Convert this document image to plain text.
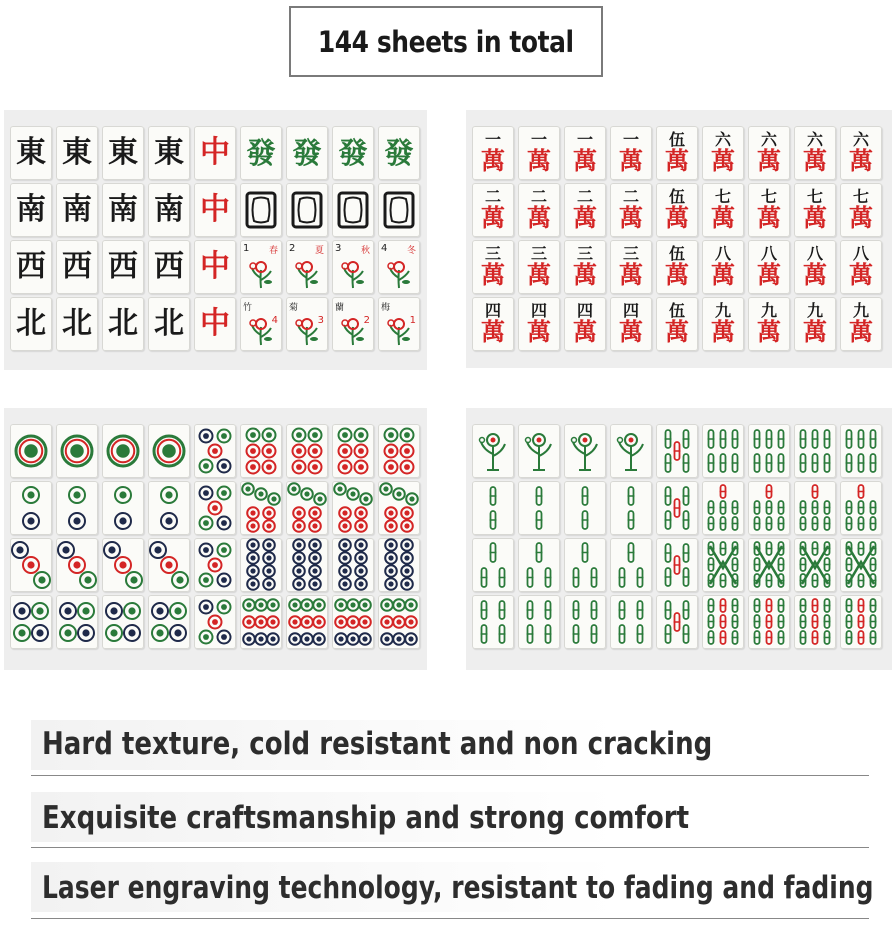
144 sheets in total
東 東 東 東 中
南 南 南 南 中
西 西 西 西 中
北 北 北 北 中
發 發 發 發
1 春 2 夏 3 秋 4 冬
4
竹
3
菊
2
蘭
1
梅
一
萬
一
萬
一
萬
一
萬
伍
萬
六
萬
六
萬
六
萬
六
萬
二
萬
二
萬
二
萬
二
萬
伍
萬
七
萬
七
萬
七
萬
七
萬
三
萬
三
萬
三
萬
三
萬
伍
萬
八
萬
八
萬
八
萬
八
萬
四
萬
四
萬
四
萬
四
萬
伍
萬
九
萬
九
萬
九
萬
九
萬
Hard texture, cold resistant and non cracking
Exquisite craftsmanship and strong comfort
Laser engraving technology, resistant to fading and fading
